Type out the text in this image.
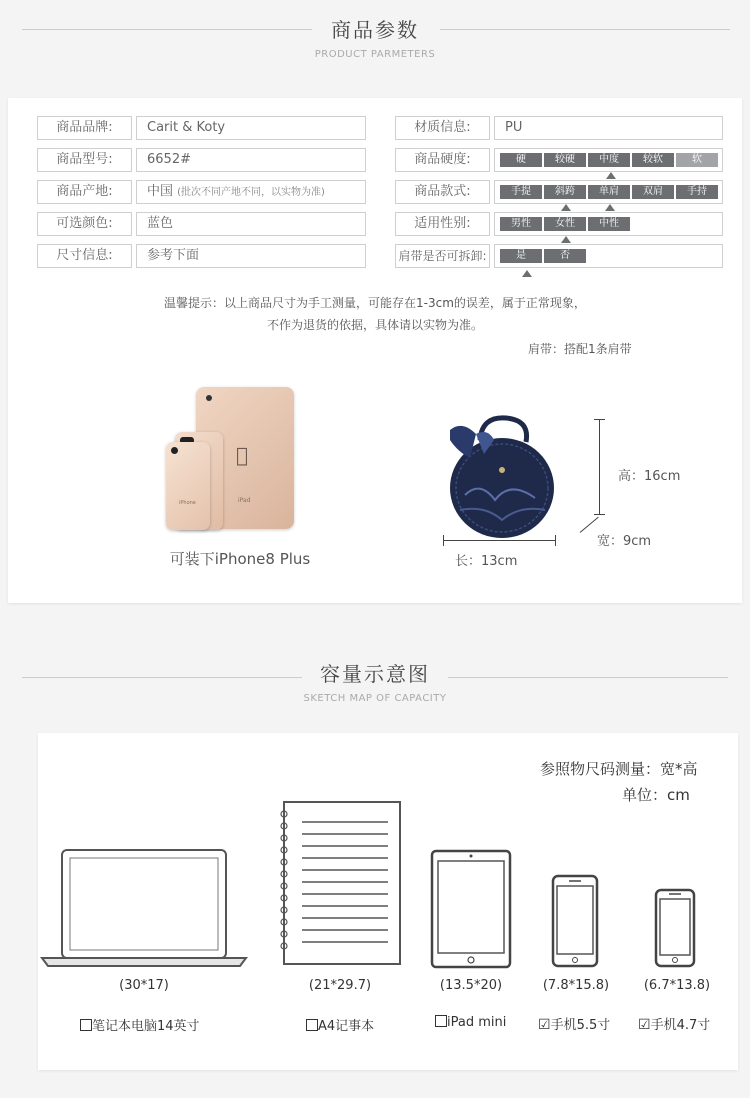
商品参数
PRODUCT PARMETERS
商品品牌:	Carit & Koty
商品型号:	6652#
商品产地:	中国 (批次不同产地不同，以实物为准)
可选颜色:	蓝色
尺寸信息:	参考下面
材质信息:	PU
商品硬度:	硬	较硬	中度	较软	软
商品款式:	手提	斜跨	单肩	双肩	手持
适用性别:	男性	女性	中性
肩带是否可拆卸:	是	否
温馨提示：以上商品尺寸为手工测量，可能存在1-3cm的误差，属于正常现象，
不作为退货的依据，具体请以实物为准。
肩带：搭配1条肩带
iPad
iPhone
可装下iPhone8 Plus
高：16cm
长：13cm
宽：9cm
容量示意图
SKETCH MAP OF CAPACITY
参照物尺码测量：宽*高
单位：cm
(30*17)	(21*29.7)	(13.5*20)	(7.8*15.8)	(6.7*13.8)
笔记本电脑14英寸	A4记事本	iPad mini ☑手机5.5寸 ☑手机4.7寸
